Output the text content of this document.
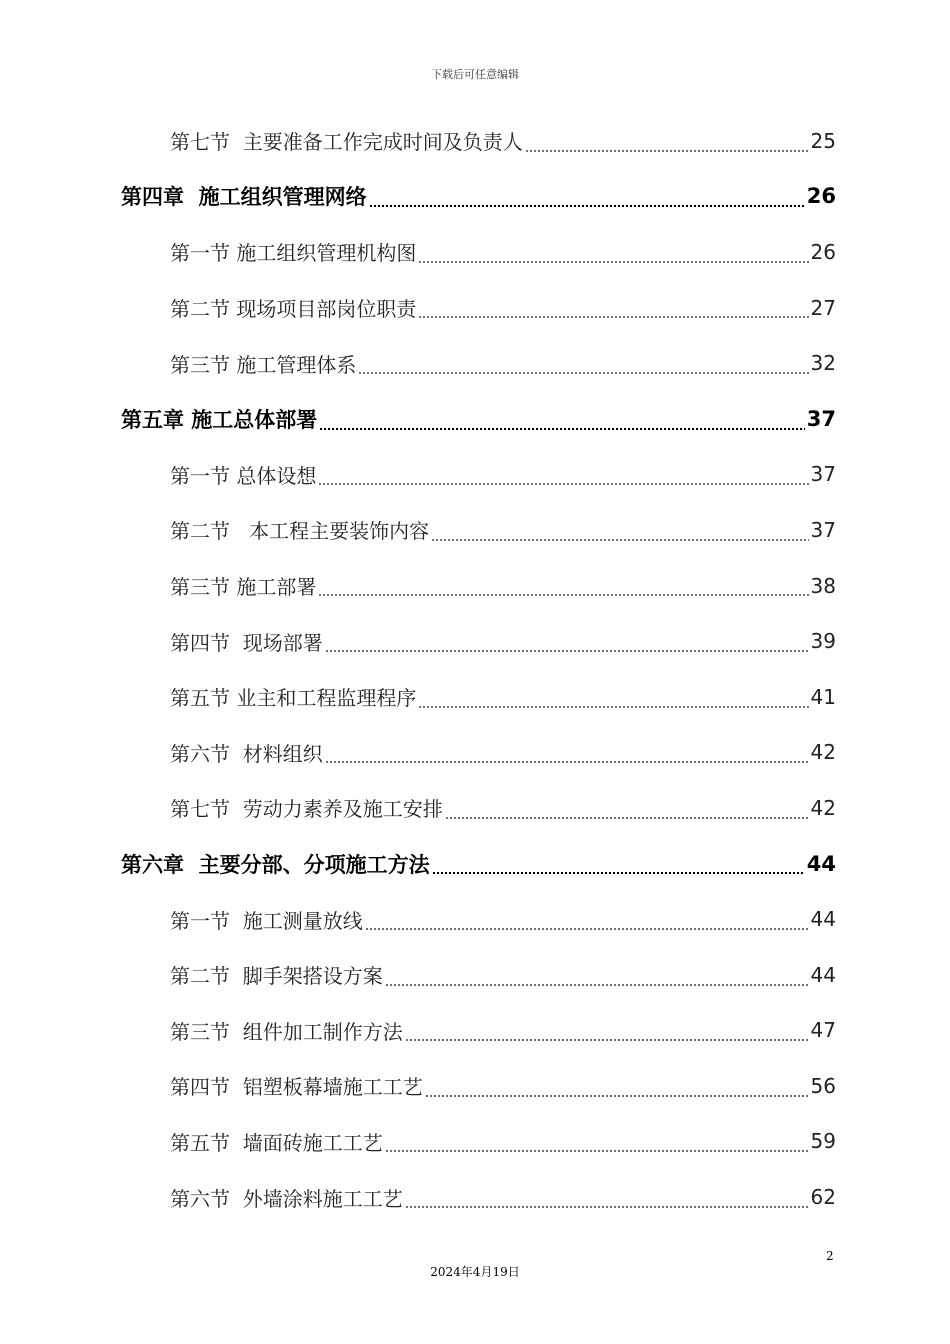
下载后可任意编辑
第七节  主要准备工作完成时间及负责人	25
第四章  施工组织管理网络	26
第一节 施工组织管理机构图	26
第二节 现场项目部岗位职责	27
第三节 施工管理体系	32
第五章 施工总体部署	37
第一节 总体设想	37
第二节   本工程主要装饰内容	37
第三节 施工部署	38
第四节  现场部署	39
第五节 业主和工程监理程序	41
第六节  材料组织	42
第七节  劳动力素养及施工安排	42
第六章  主要分部、分项施工方法	44
第一节  施工测量放线	44
第二节  脚手架搭设方案	44
第三节  组件加工制作方法	47
第四节  铝塑板幕墙施工工艺	56
第五节  墙面砖施工工艺	59
第六节  外墙涂料施工工艺	62
2
2024年4月19日
